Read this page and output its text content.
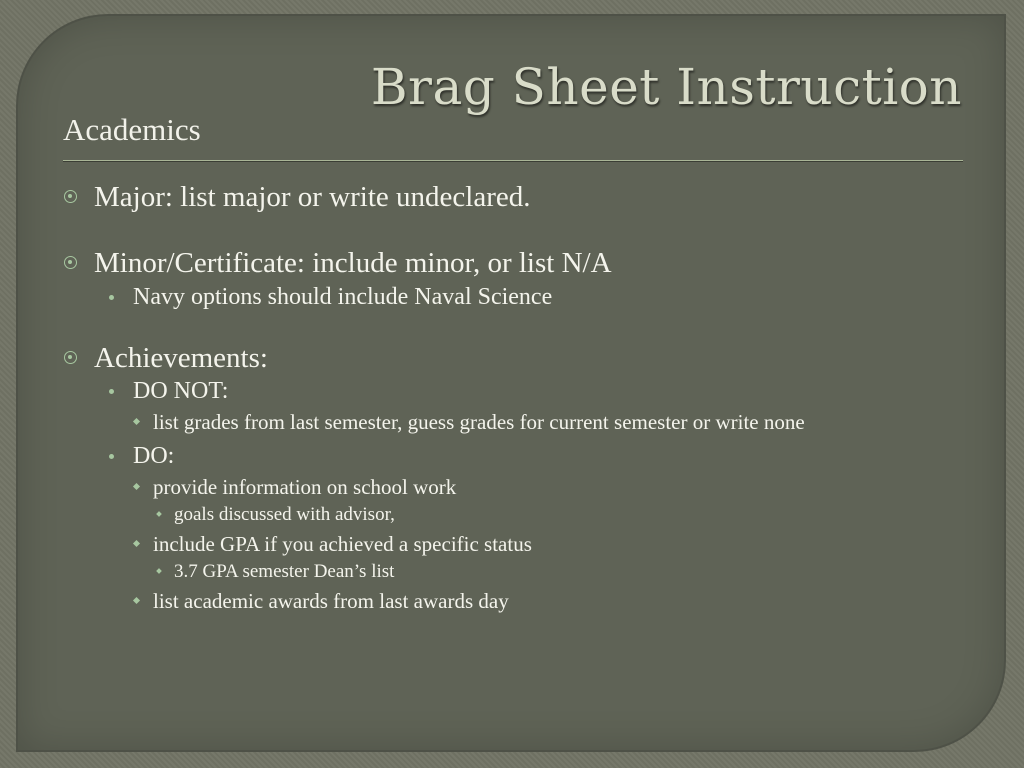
Brag Sheet Instruction
Academics
Major: list major or write undeclared.
Minor/Certificate: include minor, or list N/A
Navy options should include Naval Science
Achievements:
DO NOT:
list grades from last semester, guess grades for current semester or write none
DO:
provide information on school work
goals discussed with advisor,
include GPA if you achieved a specific status
3.7 GPA semester Dean’s list
list academic awards from last awards day
